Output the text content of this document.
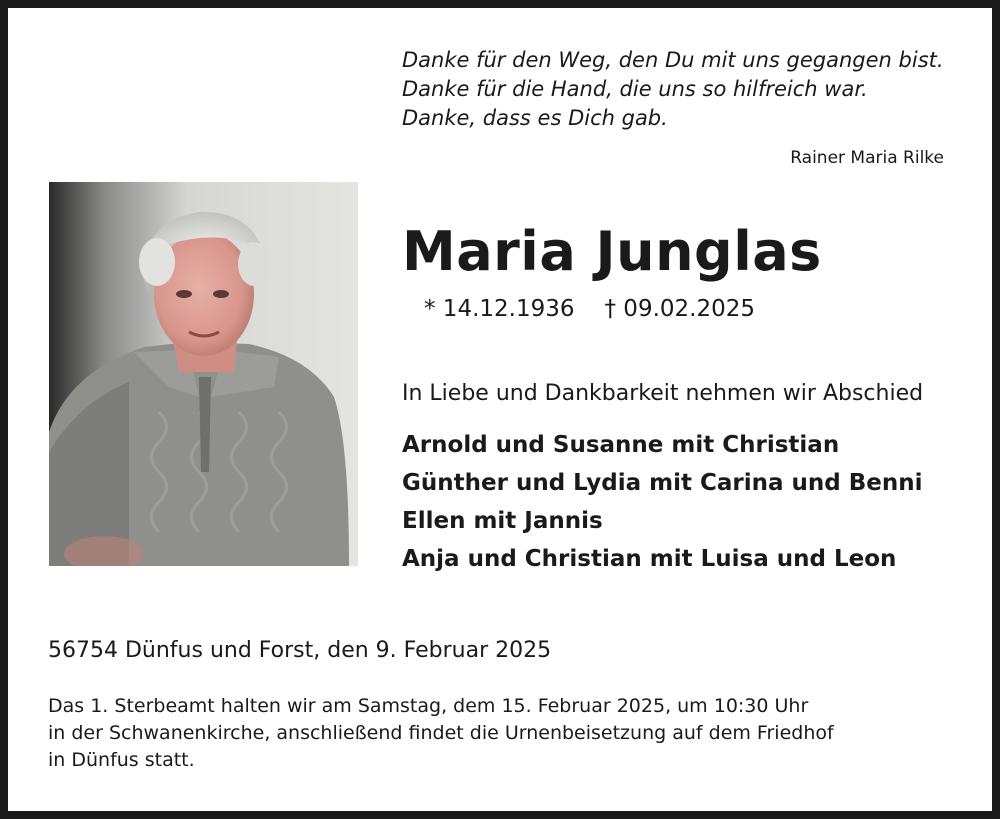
Danke für den Weg, den Du mit uns gegangen bist.
Danke für die Hand, die uns so hilfreich war.
Danke, dass es Dich gab.
Rainer Maria Rilke
Maria Junglas
* 14.12.1936 † 09.02.2025
In Liebe und Dankbarkeit nehmen wir Abschied
Arnold und Susanne mit Christian
Günther und Lydia mit Carina und Benni
Ellen mit Jannis
Anja und Christian mit Luisa und Leon
56754 Dünfus und Forst, den 9. Februar 2025
Das 1. Sterbeamt halten wir am Samstag, dem 15. Februar 2025, um 10:30 Uhr
in der Schwanenkirche, anschließend findet die Urnenbeisetzung auf dem Friedhof
in Dünfus statt.
